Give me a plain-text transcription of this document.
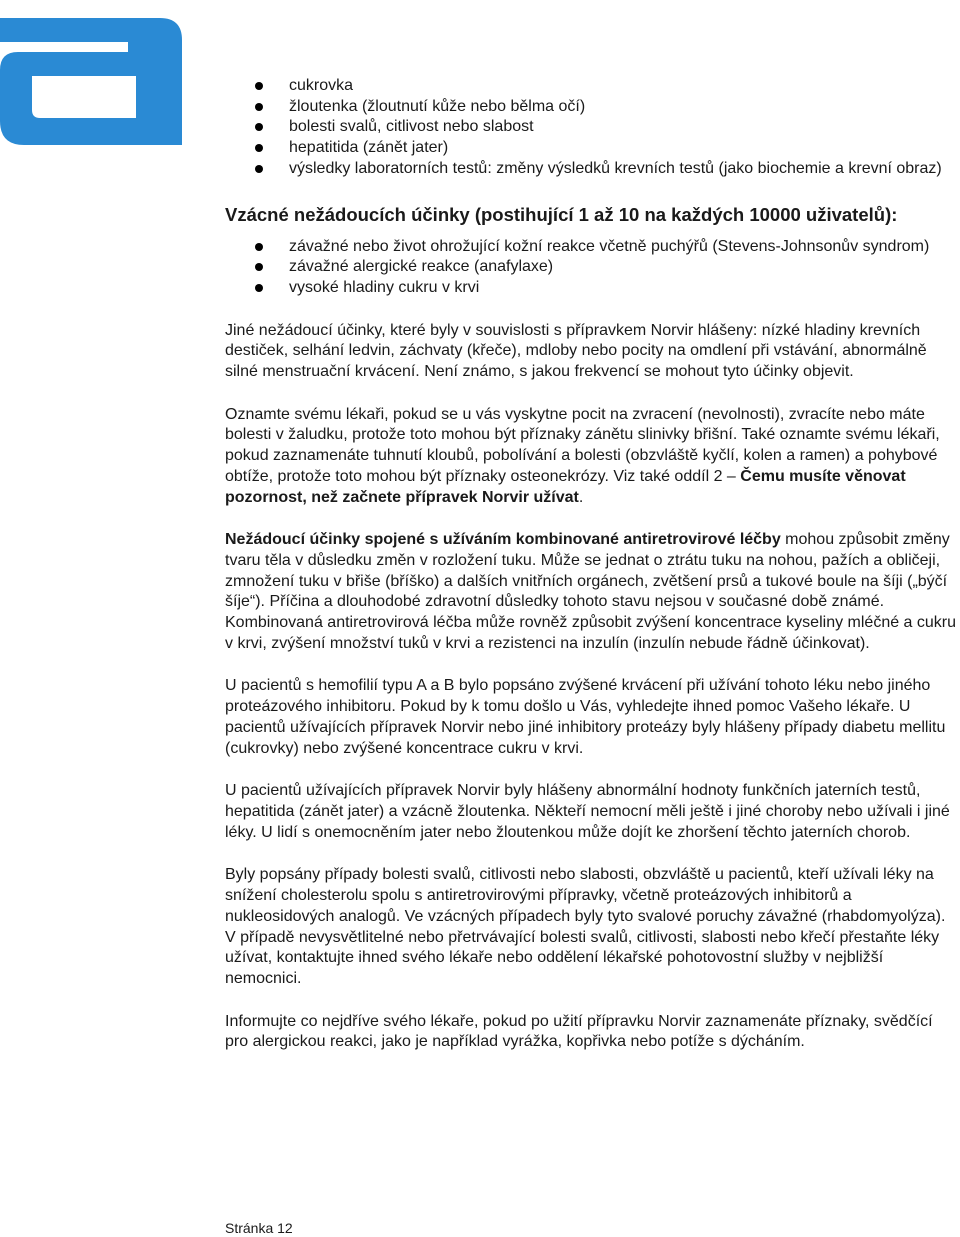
cukrovka
žloutenka (žloutnutí kůže nebo bělma očí)
bolesti svalů, citlivost nebo slabost
hepatitida (zánět jater)
výsledky laboratorních testů: změny výsledků krevních testů (jako biochemie a krevní obraz)
Vzácné nežádoucích účinky (postihující 1 až 10 na každých 10000 uživatelů):
závažné nebo život ohrožující kožní reakce včetně puchýřů (Stevens-Johnsonův syndrom)
závažné alergické reakce (anafylaxe)
vysoké hladiny cukru v krvi

Jiné nežádoucí účinky, které byly v souvislosti s přípravkem Norvir hlášeny: nízké hladiny krevních destiček, selhání ledvin, záchvaty (křeče), mdloby nebo pocity na omdlení při vstávání, abnormálně silné menstruační krvácení. Není známo, s jakou frekvencí se mohout tyto účinky objevit.

Oznamte svému lékaři, pokud se u vás vyskytne pocit na zvracení (nevolnosti), zvracíte nebo máte bolesti v žaludku, protože toto mohou být příznaky zánětu slinivky břišní. Také oznamte svému lékaři, pokud zaznamenáte tuhnutí kloubů, pobolívání a bolesti (obzvláště kyčlí, kolen a ramen) a pohybové obtíže, protože toto mohou být příznaky osteonekrózy. Viz také oddíl 2 – Čemu musíte věnovat pozornost, než začnete přípravek Norvir užívat.

Nežádoucí účinky spojené s užíváním kombinované antiretrovirové léčby mohou způsobit změny tvaru těla v důsledku změn v rozložení tuku. Může se jednat o ztrátu tuku na nohou, pažích a obličeji, zmnožení tuku v břiše (bříško) a dalších vnitřních orgánech, zvětšení prsů a tukové boule na šíji („býčí šíje“). Příčina a dlouhodobé zdravotní důsledky tohoto stavu nejsou v současné době známé. Kombinovaná antiretrovirová léčba může rovněž způsobit zvýšení koncentrace kyseliny mléčné a cukru v krvi, zvýšení množství tuků v krvi a rezistenci na inzulín (inzulín nebude řádně účinkovat).

U pacientů s hemofilií typu A a B bylo popsáno zvýšené krvácení při užívání tohoto léku nebo jiného proteázového inhibitoru. Pokud by k tomu došlo u Vás, vyhledejte ihned pomoc Vašeho lékaře. U pacientů užívajících přípravek Norvir nebo jiné inhibitory proteázy byly hlášeny případy diabetu mellitu (cukrovky) nebo zvýšené koncentrace cukru v krvi.

U pacientů užívajících přípravek Norvir byly hlášeny abnormální hodnoty funkčních jaterních testů, hepatitida (zánět jater) a vzácně žloutenka. Někteří nemocní měli ještě i jiné choroby nebo užívali i jiné léky. U lidí s onemocněním jater nebo žloutenkou může dojít ke zhoršení těchto jaterních chorob.

Byly popsány případy bolesti svalů, citlivosti nebo slabosti, obzvláště u pacientů, kteří užívali léky na snížení cholesterolu spolu s antiretrovirovými přípravky, včetně proteázových inhibitorů a nukleosidových analogů. Ve vzácných případech byly tyto svalové poruchy závažné (rhabdomyolýza). V případě nevysvětlitelné nebo přetrvávající bolesti svalů, citlivosti, slabosti nebo křečí přestaňte léky užívat, kontaktujte ihned svého lékaře nebo oddělení lékařské pohotovostní služby v nejbližší nemocnici.

Informujte co nejdříve svého lékaře, pokud po užití přípravku Norvir zaznamenáte příznaky, svědčící pro alergickou reakci, jako je například vyrážka, kopřivka nebo potíže s dýcháním.

Stránka 12
